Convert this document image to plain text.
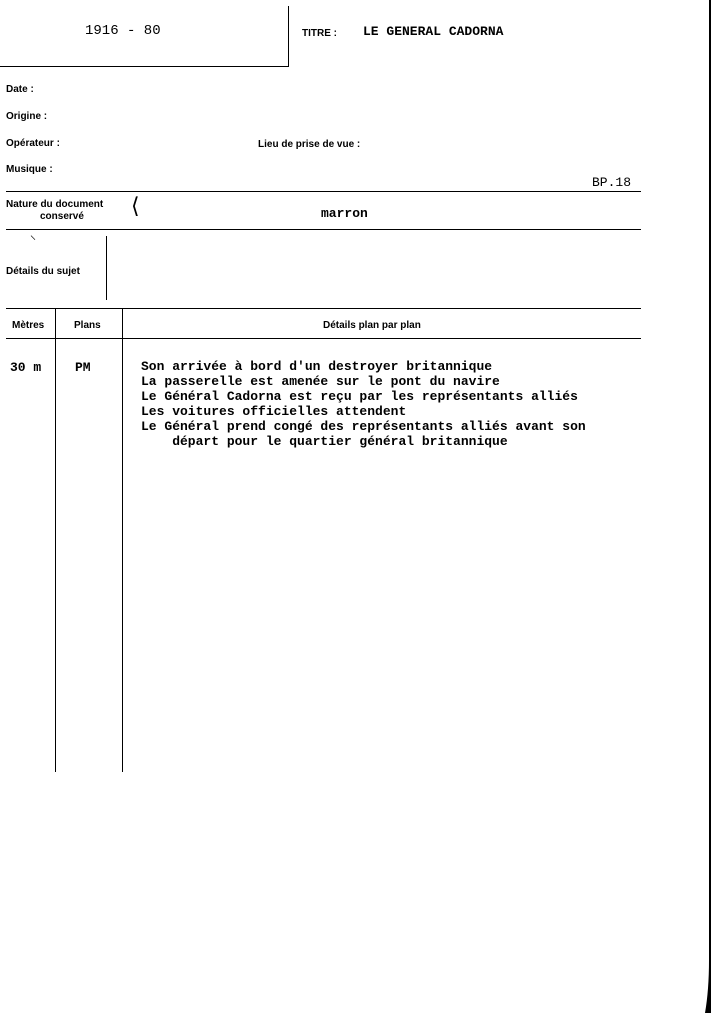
1916 - 80	TITRE : LE GENERAL CADORNA
Date :
Origine :
Opérateur :	Lieu de prise de vue :
Musique :
BP.18
Nature du document
conservé ⟨	marron
⸌
Détails du sujet
Mètres	Plans	Détails plan par plan
30 m	PM	Son arrivée à bord d'un destroyer britannique
La passerelle est amenée sur le pont du navire
Le Général Cadorna est reçu par les représentants alliés
Les voitures officielles attendent
Le Général prend congé des représentants alliés avant son
départ pour le quartier général britannique
